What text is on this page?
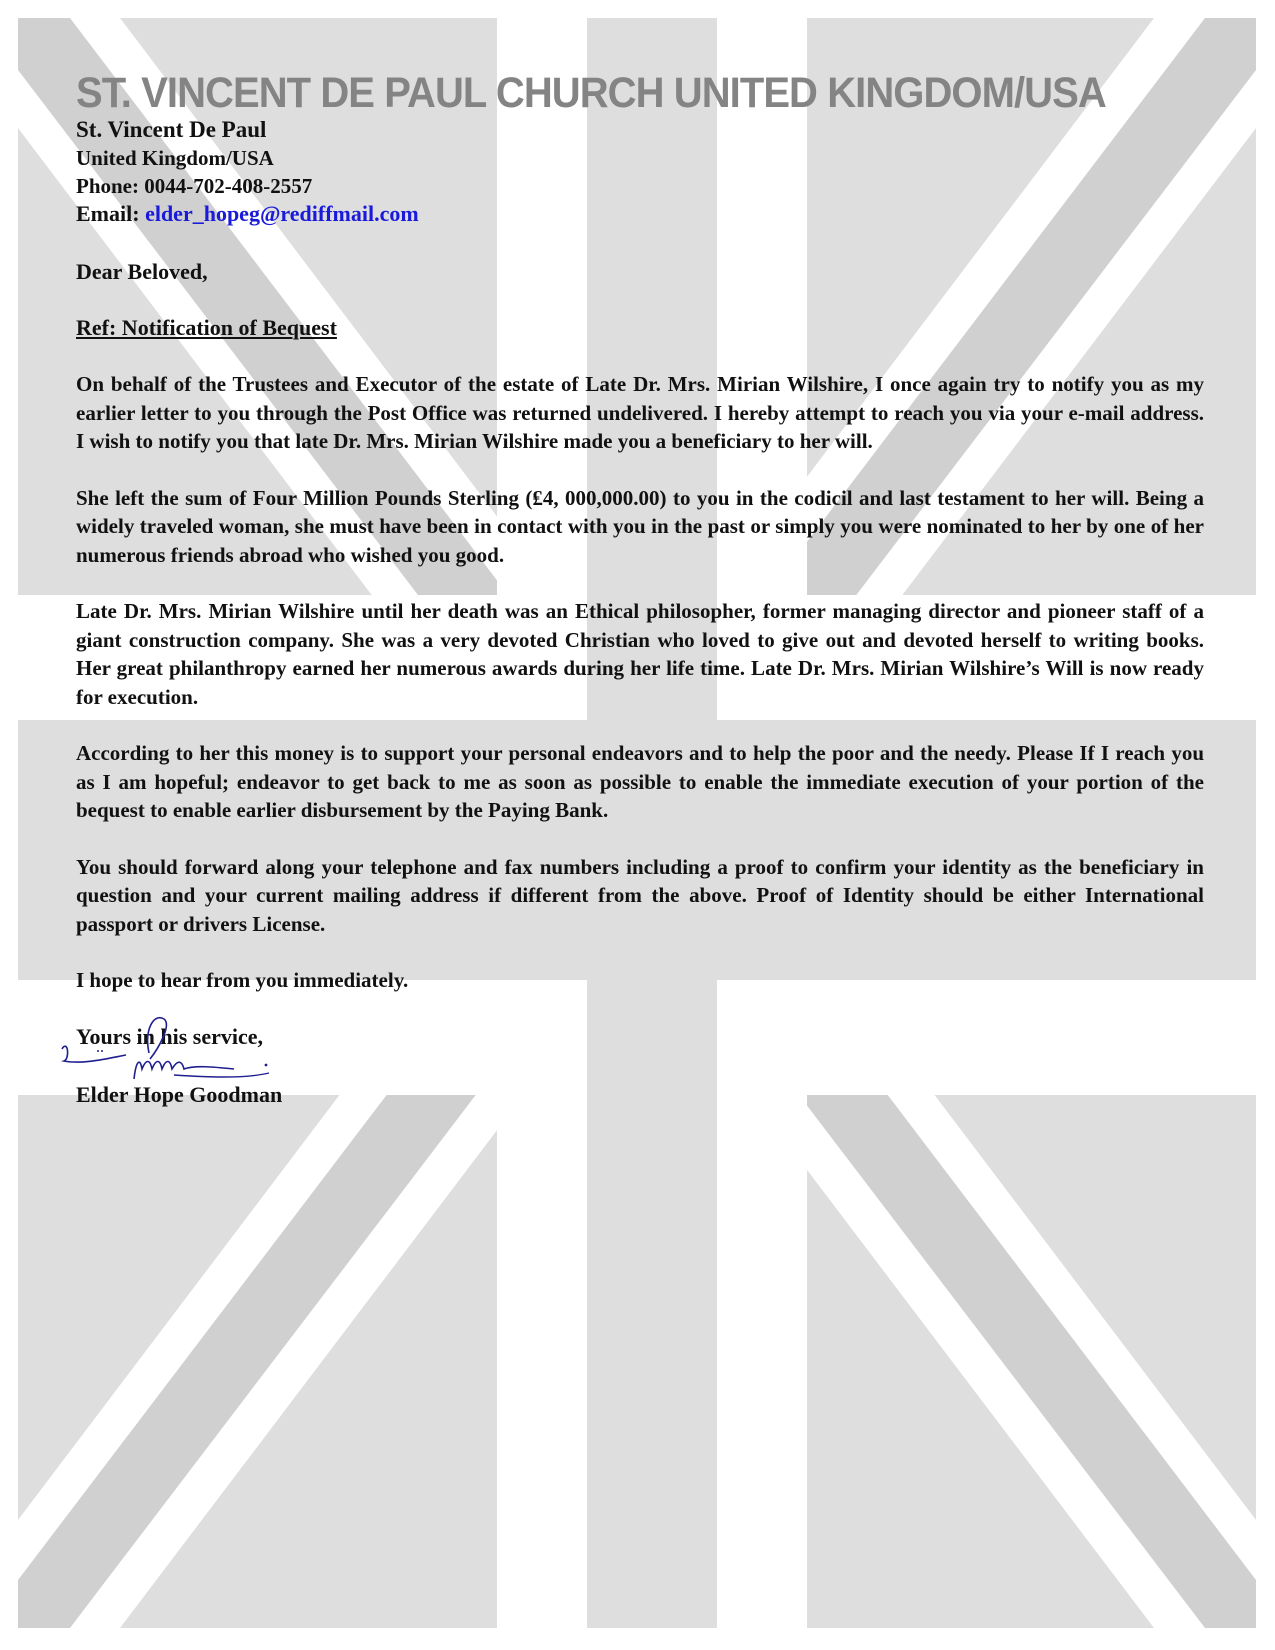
ST. VINCENT DE PAUL CHURCH UNITED KINGDOM/USA
St. Vincent De Paul
United Kingdom/USA
Phone: 0044-702-408-2557
Email: elder_hopeg@rediffmail.com
Dear Beloved,
Ref: Notification of Bequest
On behalf of the Trustees and Executor of the estate of Late Dr. Mrs. Mirian Wilshire, I once again try to notify you as my earlier letter to you through the Post Office was returned undelivered. I hereby attempt to reach you via your e-mail address. I wish to notify you that late Dr. Mrs. Mirian Wilshire made you a beneficiary to her will.
She left the sum of Four Million Pounds Sterling (₤4, 000,000.00) to you in the codicil and last testament to her will. Being a widely traveled woman, she must have been in contact with you in the past or simply you were nominated to her by one of her numerous friends abroad who wished you good.
Late Dr. Mrs. Mirian Wilshire until her death was an Ethical philosopher, former managing director and pioneer staff of a giant construction company. She was a very devoted Christian who loved to give out and devoted herself to writing books. Her great philanthropy earned her numerous awards during her life time. Late Dr. Mrs. Mirian Wilshire’s Will is now ready for execution.
According to her this money is to support your personal endeavors and to help the poor and the needy. Please If I reach you as I am hopeful; endeavor to get back to me as soon as possible to enable the immediate execution of your portion of the bequest to enable earlier disbursement by the Paying Bank.
You should forward along your telephone and fax numbers including a proof to confirm your identity as the beneficiary in question and your current mailing address if different from the above. Proof of Identity should be either International passport or drivers License.
I hope to hear from you immediately.
Yours in his service,
Elder Hope Goodman
